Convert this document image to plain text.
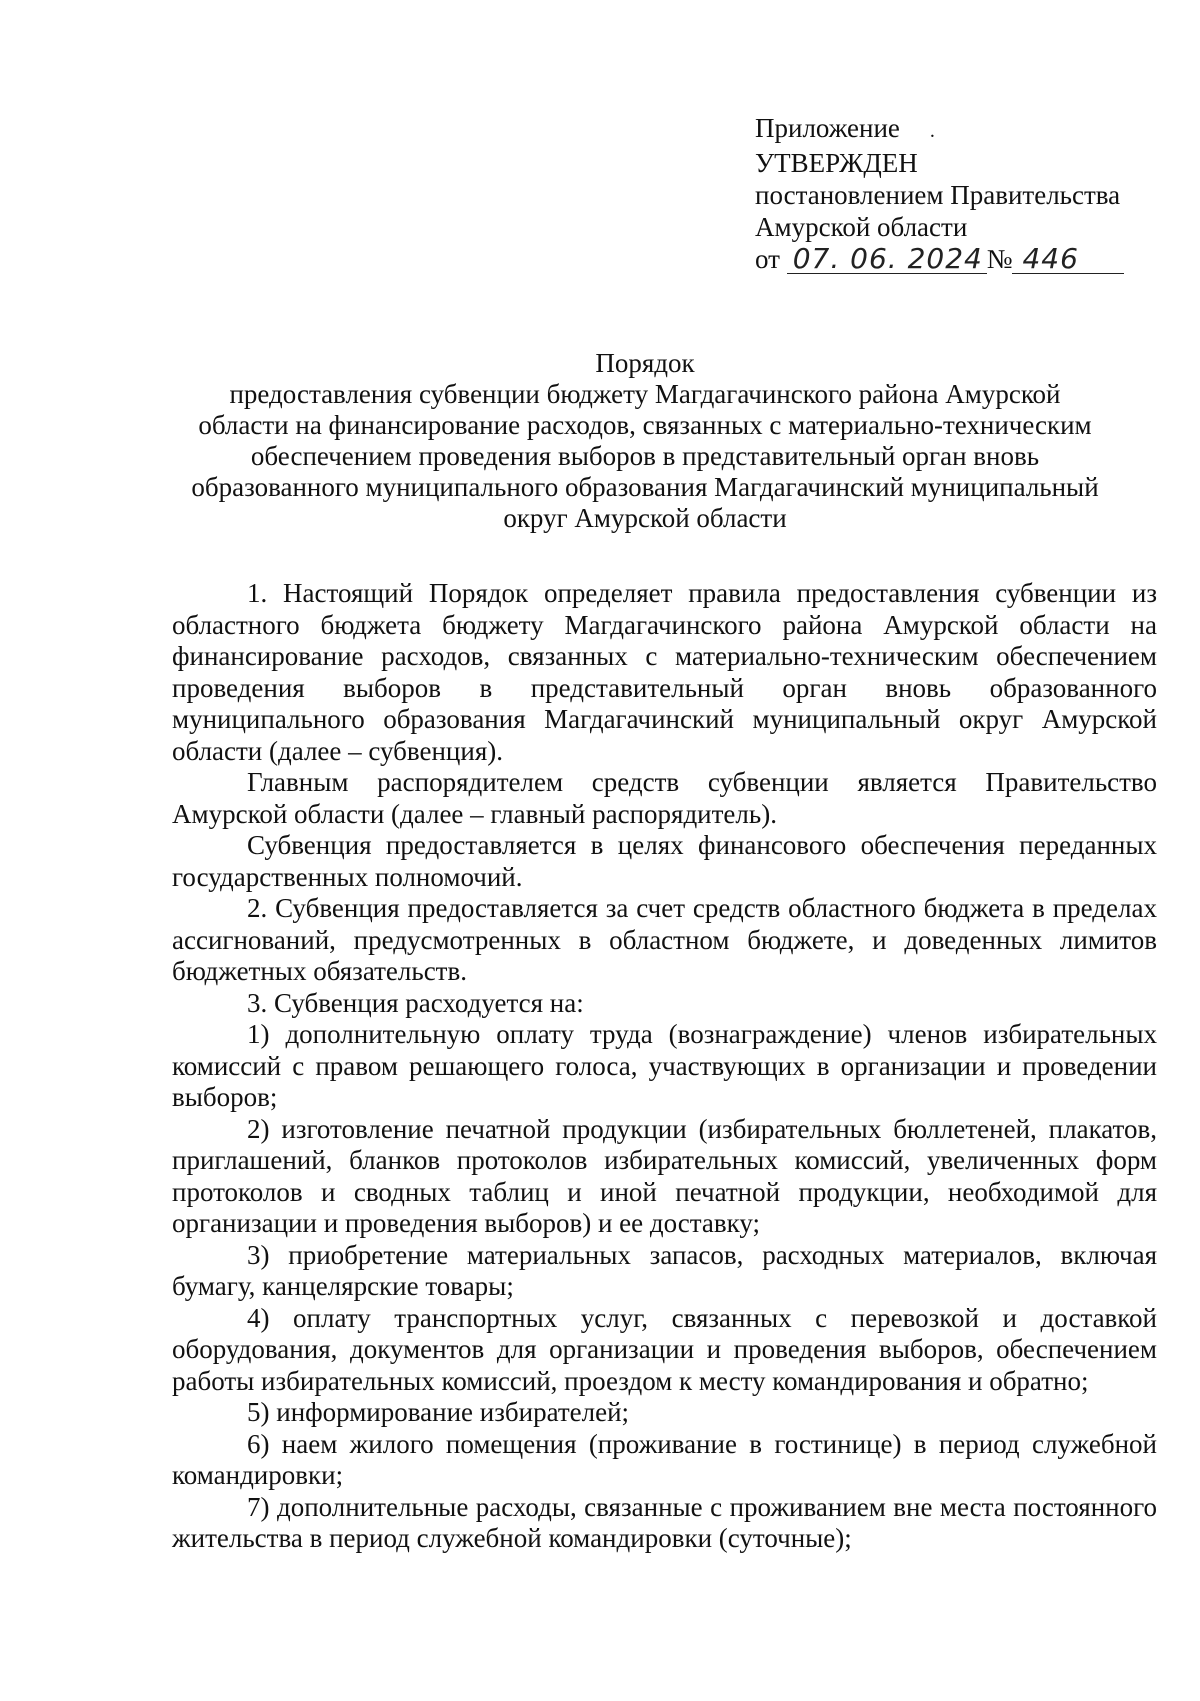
Приложение .
УТВЕРЖДЕН
постановлением Правительства
Амурской области
от 07. 06. 2024 № 446
Порядок
предоставления субвенции бюджету Магдагачинского района Амурской
области на финансирование расходов, связанных с материально-техническим
обеспечением проведения выборов в представительный орган вновь
образованного муниципального образования Магдагачинский муниципальный
округ Амурской области

1. Настоящий Порядок определяет правила предоставления субвенции из областного бюджета бюджету Магдагачинского района Амурской области на финансирование расходов, связанных с материально-техническим обеспечением проведения выборов в представительный орган вновь образованного муниципального образования Магдагачинский муниципальный округ Амурской области (далее – субвенция).

Главным распорядителем средств субвенции является Правительство Амурской области (далее – главный распорядитель).

Субвенция предоставляется в целях финансового обеспечения переданных государственных полномочий.

2. Субвенция предоставляется за счет средств областного бюджета в пределах ассигнований, предусмотренных в областном бюджете, и доведенных лимитов бюджетных обязательств.

3. Субвенция расходуется на:

1) дополнительную оплату труда (вознаграждение) членов избирательных комиссий с правом решающего голоса, участвующих в организации и проведении выборов;

2) изготовление печатной продукции (избирательных бюллетеней, плакатов, приглашений, бланков протоколов избирательных комиссий, увеличенных форм протоколов и сводных таблиц и иной печатной продукции, необходимой для организации и проведения выборов) и ее доставку;

3) приобретение материальных запасов, расходных материалов, включая бумагу, канцелярские товары;

4) оплату транспортных услуг, связанных с перевозкой и доставкой оборудования, документов для организации и проведения выборов, обеспечением работы избирательных комиссий, проездом к месту командирования и обратно;

5) информирование избирателей;

6) наем жилого помещения (проживание в гостинице) в период служебной командировки;

7) дополнительные расходы, связанные с проживанием вне места постоянного жительства в период служебной командировки (суточные);
